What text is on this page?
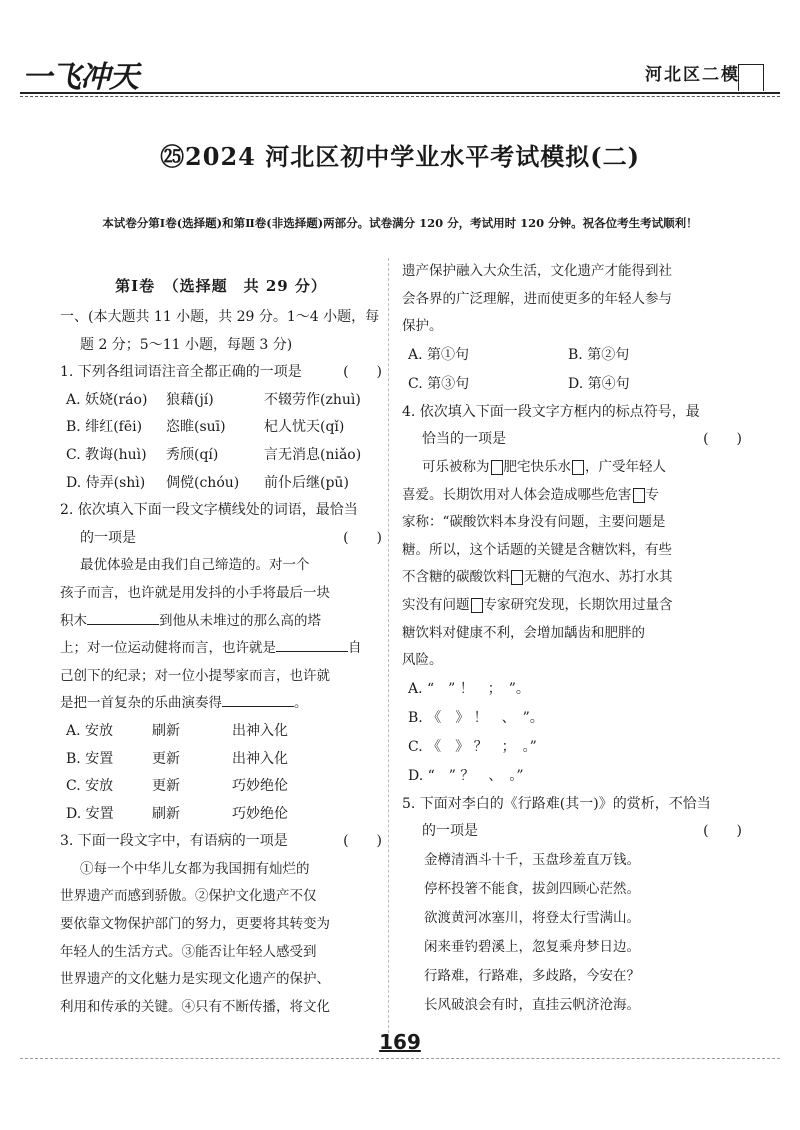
一飞冲天	河北区二模
㉕2024 河北区初中学业水平考试模拟(二)
本试卷分第Ⅰ卷(选择题)和第Ⅱ卷(非选择题)两部分。试卷满分 120 分，考试用时 120 分钟。祝各位考生考试顺利！
第Ⅰ卷　（选择题　共 29 分）
一、(本大题共 11 小题，共 29 分。1～4 小题，每
题 2 分；5～11 小题，每题 3 分)
1. 下列各组词语注音全都正确的一项是	(　　)
A. 妖娆(ráo) 狼藉(jí)	不辍劳作(zhuì)
B. 绯红(fēi) 恣睢(suī)	杞人忧天(qǐ)
C. 教诲(huì) 秀颀(qí)	言无消息(niǎo)
D. 侍弄(shì) 倜傥(chóu) 前仆后继(pū)
2. 依次填入下面一段文字横线处的词语，最恰当
的一项是	(　　)
最优体验是由我们自己缔造的。对一个
孩子而言，也许就是用发抖的小手将最后一块
积木	到他从未堆过的那么高的塔
上；对一位运动健将而言，也许就是	自
己创下的纪录；对一位小提琴家而言，也许就
是把一首复杂的乐曲演奏得	。
A. 安放	刷新	出神入化
B. 安置	更新	出神入化
C. 安放	更新	巧妙绝伦
D. 安置	刷新	巧妙绝伦
3. 下面一段文字中，有语病的一项是	(　　)
①每一个中华儿女都为我国拥有灿烂的
世界遗产而感到骄傲。②保护文化遗产不仅
要依靠文物保护部门的努力，更要将其转变为
年轻人的生活方式。③能否让年轻人感受到
世界遗产的文化魅力是实现文化遗产的保护、
利用和传承的关键。④只有不断传播，将文化
遗产保护融入大众生活，文化遗产才能得到社
会各界的广泛理解，进而使更多的年轻人参与
保护。
A. 第①句	B. 第②句
C. 第③句	D. 第④句
4. 依次填入下面一段文字方框内的标点符号，最
恰当的一项是	(　　)
可乐被称为 肥宅快乐水 ，广受年轻人
喜爱。长期饮用对人体会造成哪些危害 专
家称：“碳酸饮料本身没有问题，主要问题是
糖。所以，这个话题的关键是含糖饮料，有些
不含糖的碳酸饮料 无糖的气泡水、苏打水其
实没有问题 专家研究发现，长期饮用过量含
糖饮料对健康不利，会增加龋齿和肥胖的
风险。
A. “　” ！　；　”。
B. 《　》 ！　、　”。
C. 《　》 ？　；　。”
D. “　” ？　、　。”
5. 下面对李白的《行路难(其一)》的赏析，不恰当
的一项是	(　　)
金樽清酒斗十千，玉盘珍羞直万钱。
停杯投箸不能食，拔剑四顾心茫然。
欲渡黄河冰塞川，将登太行雪满山。
闲来垂钓碧溪上，忽复乘舟梦日边。
行路难，行路难，多歧路，今安在？
长风破浪会有时，直挂云帆济沧海。
169
